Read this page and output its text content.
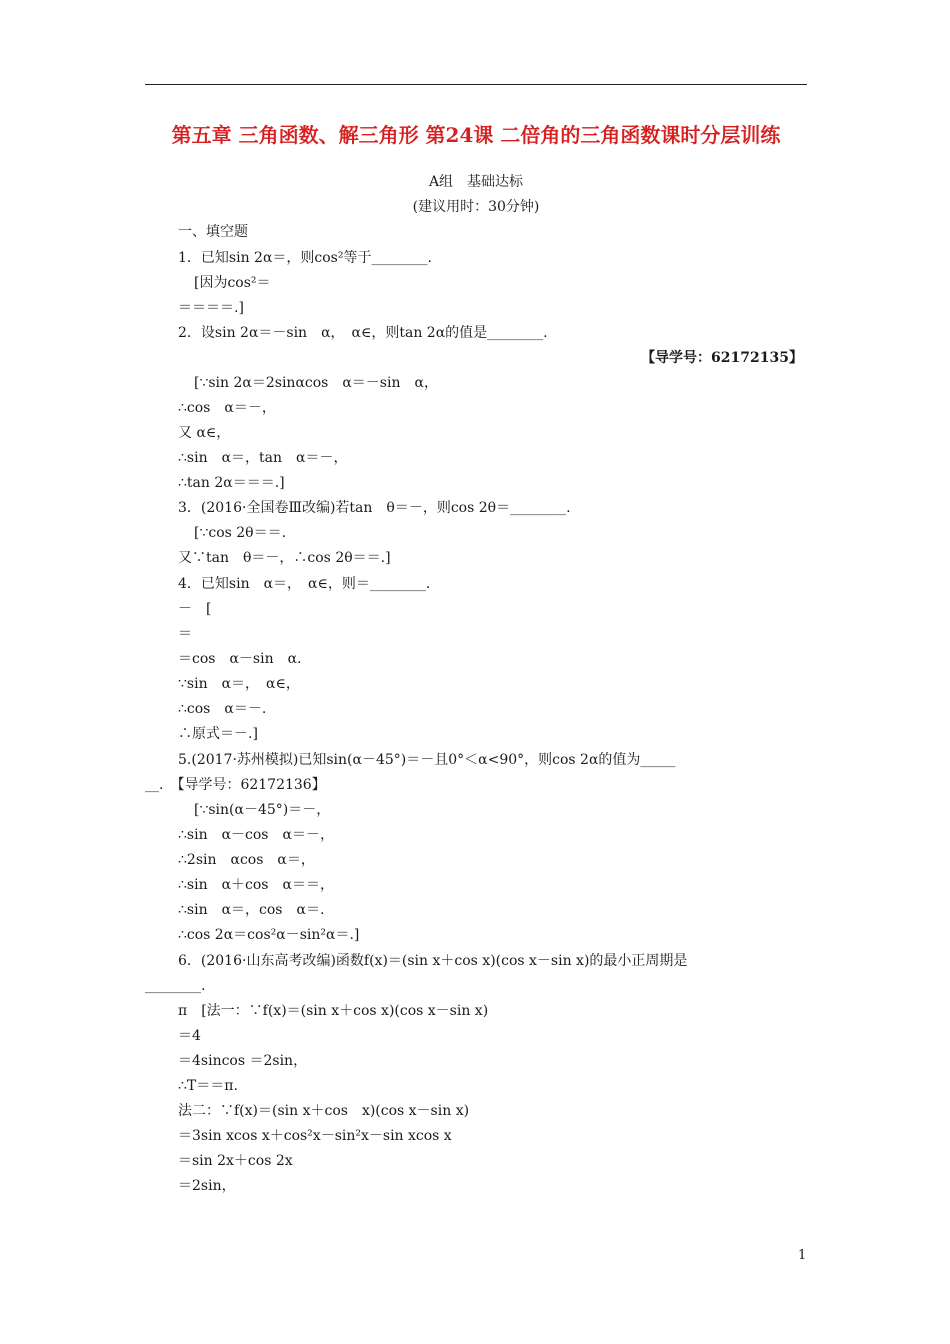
第五章 三角函数、解三角形 第24课 二倍角的三角函数课时分层训练
A组　基础达标
(建议用时：30分钟)
一、填空题
1．已知sin 2α＝，则cos²等于________.
[因为cos²＝
＝＝＝＝.]
2．设sin 2α＝－sin　α，　α∈，则tan 2α的值是________.
【导学号：62172135】
[∵sin 2α＝2sinαcos　α＝－sin　α，
∴cos　α＝－，
又 α∈，
∴sin　α＝，tan　α＝－，
∴tan 2α＝＝＝.]
3．(2016·全国卷Ⅲ改编)若tan　θ＝－，则cos 2θ＝________.
[∵cos 2θ＝＝.
又∵tan　θ＝－，∴cos 2θ＝＝.]
4．已知sin　α＝，　α∈，则＝________.
－　[
＝
＝cos　α－sin　α.
∵sin　α＝，　α∈，
∴cos　α＝－.
∴原式＝－.]
5.(2017·苏州模拟)已知sin(α－45°)＝－且0°＜α<90°，则cos 2α的值为_____
__.　【导学号：62172136】
[∵sin(α－45°)＝－，
∴sin　α－cos　α＝－，
∴2sin　αcos　α＝，
∴sin　α＋cos　α＝＝，
∴sin　α＝，cos　α＝.
∴cos 2α＝cos²α－sin²α＝.]
6．(2016·山东高考改编)函数f(x)＝(sin x＋cos x)(cos x－sin x)的最小正周期是
________.
π　[法一：∵f(x)＝(sin x＋cos x)(cos x－sin x)
＝4
＝4sincos ＝2sin，
∴T＝＝π.
法二：∵f(x)＝(sin x＋cos　x)(cos x－sin x)
＝3sin xcos x＋cos²x－sin²x－sin xcos x
＝sin 2x＋cos 2x
＝2sin，
1
